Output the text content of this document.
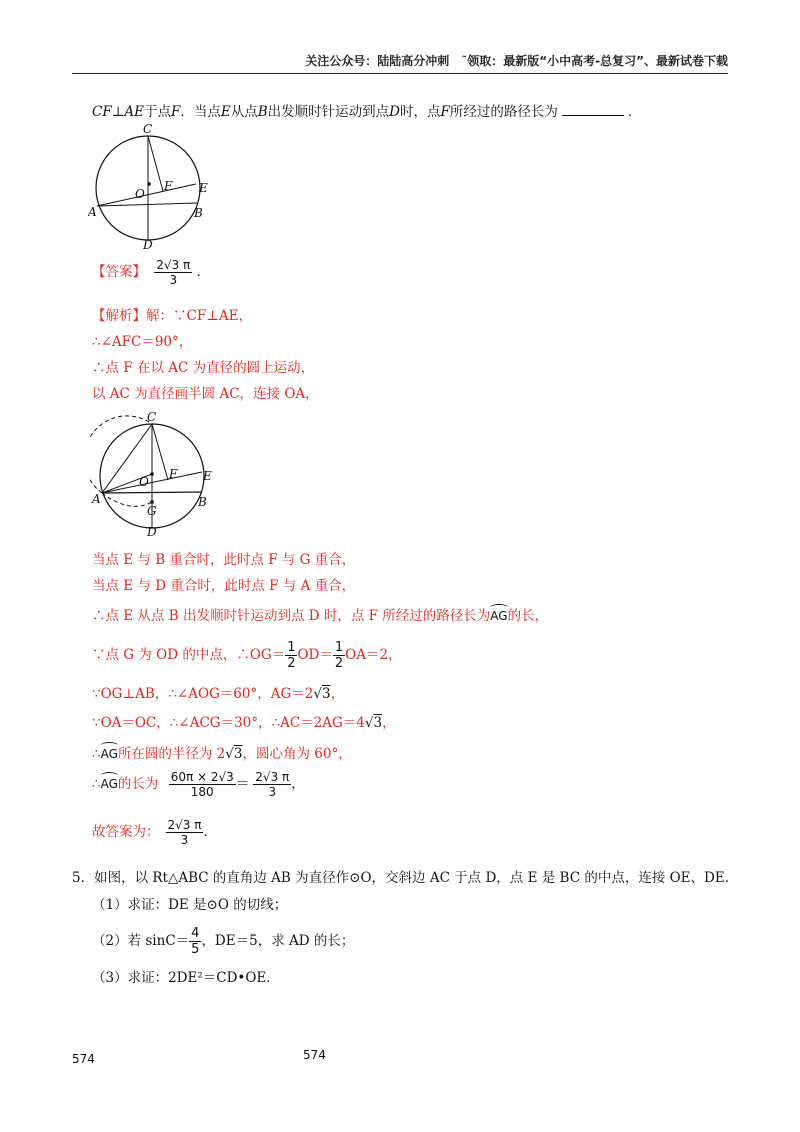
关注公众号：陆陆高分冲刺　˜领取：最新版“小中高考-总复习”、最新试卷下载
CF⊥AE于点F．当点E从点B出发顺时针运动到点D时，点F所经过的路径长为	．
C
O
F E
A	B
D
【答案】 $\frac{2√3 \pi}{3}$ ．
【解析】解：∵CF⊥AE，
∴∠AFC＝90°，
∴点 F 在以 AC 为直径的圆上运动，
以 AC 为直径画半圆 AC，连接 OA，
C
O
F E
A
G
B
D
当点 E 与 B 重合时，此时点 F 与 G 重合，
当点 E 与 D 重合时，此时点 F 与 A 重合，
∴点 E 从点 B 出发顺时针运动到点 D 时，点 F 所经过的路径长为AG的长，
∵点 G 为 OD 的中点，∴OG＝ $\frac{1}{2} OD= \frac{1}{2} OA=2$，
∵OG⊥AB，∴∠AOG＝60°，AG＝2√3，
∵OA＝OC，∴∠ACG＝30°，∴AC＝2AG＝4√3，
∴AG所在圆的半径为 2√3，圆心角为 60°，
∴AG的长为 $\frac{60\pi \times 2√3}{180} = \frac{2√3 \pi}{3}$ ，
故答案为： $\frac{2√3 \pi}{3}$ ．
5．如图，以 Rt△ABC 的直角边 AB 为直径作⊙O，交斜边 AC 于点 D，点 E 是 BC 的中点，连接 OE、DE．
（1）求证：DE 是⊙O 的切线；
（2）若 $\sin C= \frac{4}{5}$ ，DE＝5，求 AD 的长；
（3）求证：2DE²＝CD•OE．
574	574
